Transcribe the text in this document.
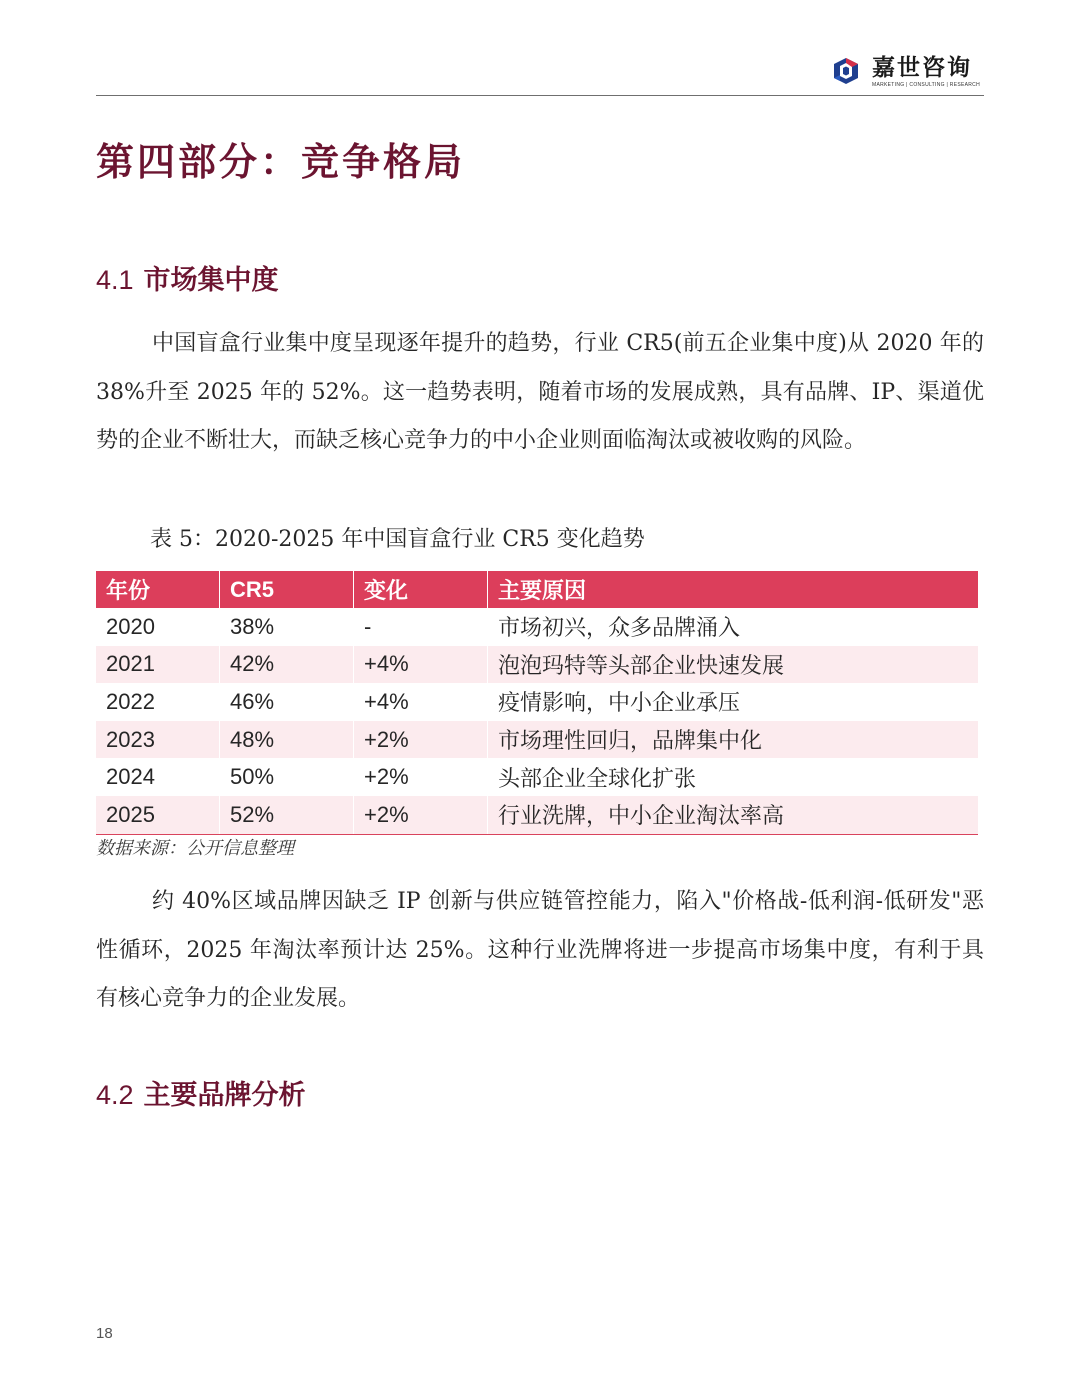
嘉世咨询
MARKETING | CONSULTING | RESEARCH
第四部分：竞争格局
4.1 市场集中度

中国盲盒行业集中度呈现逐年提升的趋势，行业 CR5(前五企业集中度)从 2020 年的 38%升至 2025 年的 52%。这一趋势表明，随着市场的发展成熟，具有品牌、IP、渠道优势的企业不断壮大，而缺乏核心竞争力的中小企业则面临淘汰或被收购的风险。

表 5：2020-2025 年中国盲盒行业 CR5 变化趋势
年份	CR5	变化	主要原因
2020	38%	-	市场初兴，众多品牌涌入
2021	42%	+4%	泡泡玛特等头部企业快速发展
2022	46%	+4%	疫情影响，中小企业承压
2023	48%	+2%	市场理性回归，品牌集中化
2024	50%	+2%	头部企业全球化扩张
2025	52%	+2%	行业洗牌，中小企业淘汰率高
数据来源：公开信息整理

约 40%区域品牌因缺乏 IP 创新与供应链管控能力，陷入"价格战-低利润-低研发"恶性循环，2025 年淘汰率预计达 25%。这种行业洗牌将进一步提高市场集中度，有利于具有核心竞争力的企业发展。

4.2 主要品牌分析
18
